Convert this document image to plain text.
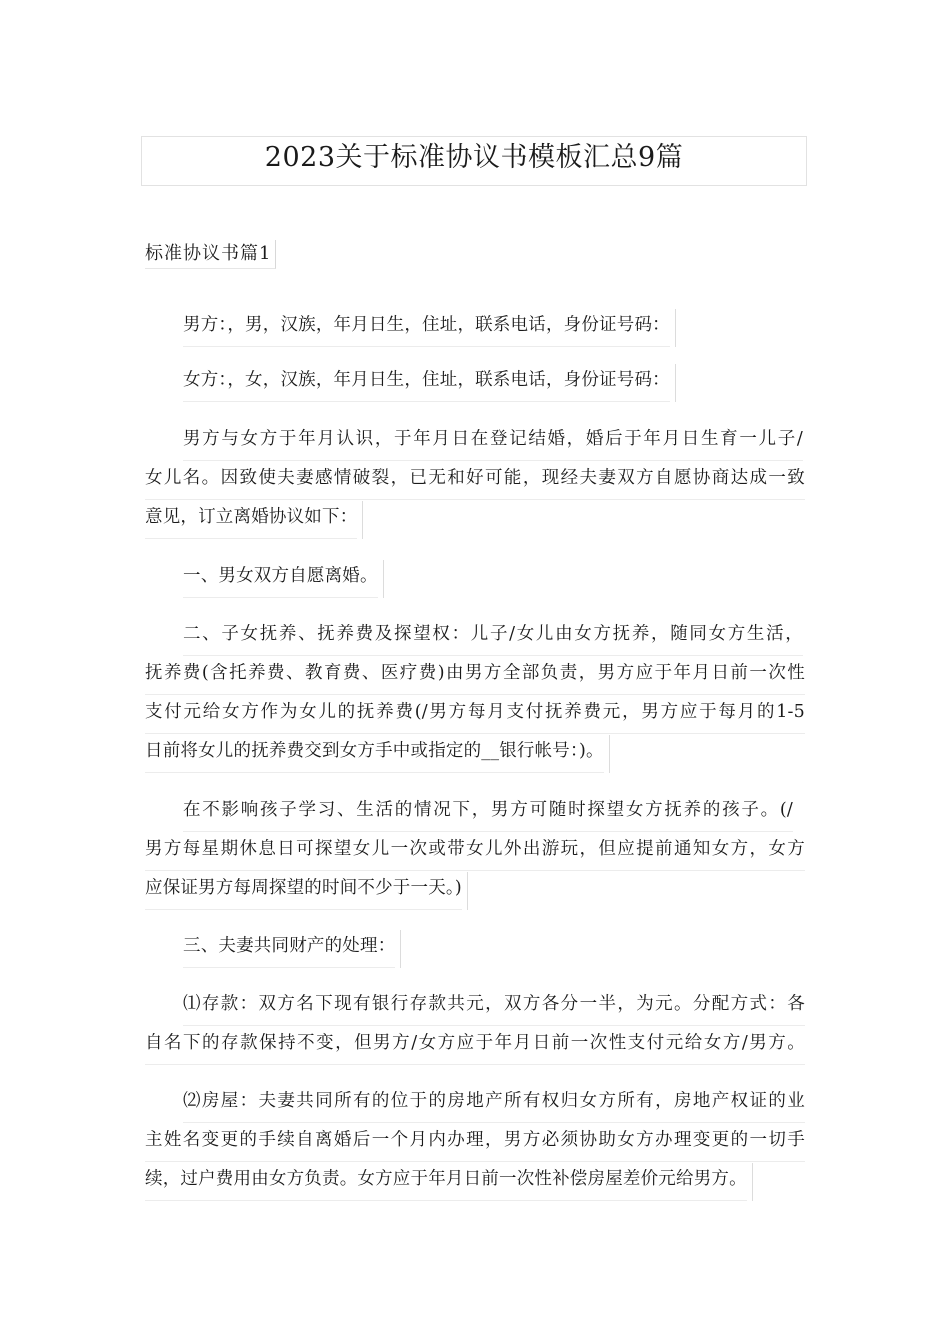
2023关于标准协议书模板汇总9篇
标准协议书篇1
男方：，男，汉族，年月日生，住址，联系电话，身份证号码：
女方：，女，汉族，年月日生，住址，联系电话，身份证号码：
男方与女方于年月认识，于年月日在登记结婚，婚后于年月日生育一儿子/
女儿名。因致使夫妻感情破裂，已无和好可能，现经夫妻双方自愿协商达成一致
意见，订立离婚协议如下：
一、男女双方自愿离婚。
二、子女抚养、抚养费及探望权：儿子/女儿由女方抚养，随同女方生活，
抚养费(含托养费、教育费、医疗费)由男方全部负责，男方应于年月日前一次性
支付元给女方作为女儿的抚养费(/男方每月支付抚养费元，男方应于每月的1-5
日前将女儿的抚养费交到女方手中或指定的__银行帐号：)。
在不影响孩子学习、生活的情况下，男方可随时探望女方抚养的孩子。(/
男方每星期休息日可探望女儿一次或带女儿外出游玩，但应提前通知女方，女方
应保证男方每周探望的时间不少于一天。)
三、夫妻共同财产的处理：
⑴存款：双方名下现有银行存款共元，双方各分一半，为元。分配方式：各
自名下的存款保持不变，但男方/女方应于年月日前一次性支付元给女方/男方。
⑵房屋：夫妻共同所有的位于的房地产所有权归女方所有，房地产权证的业
主姓名变更的手续自离婚后一个月内办理，男方必须协助女方办理变更的一切手
续，过户费用由女方负责。女方应于年月日前一次性补偿房屋差价元给男方。
